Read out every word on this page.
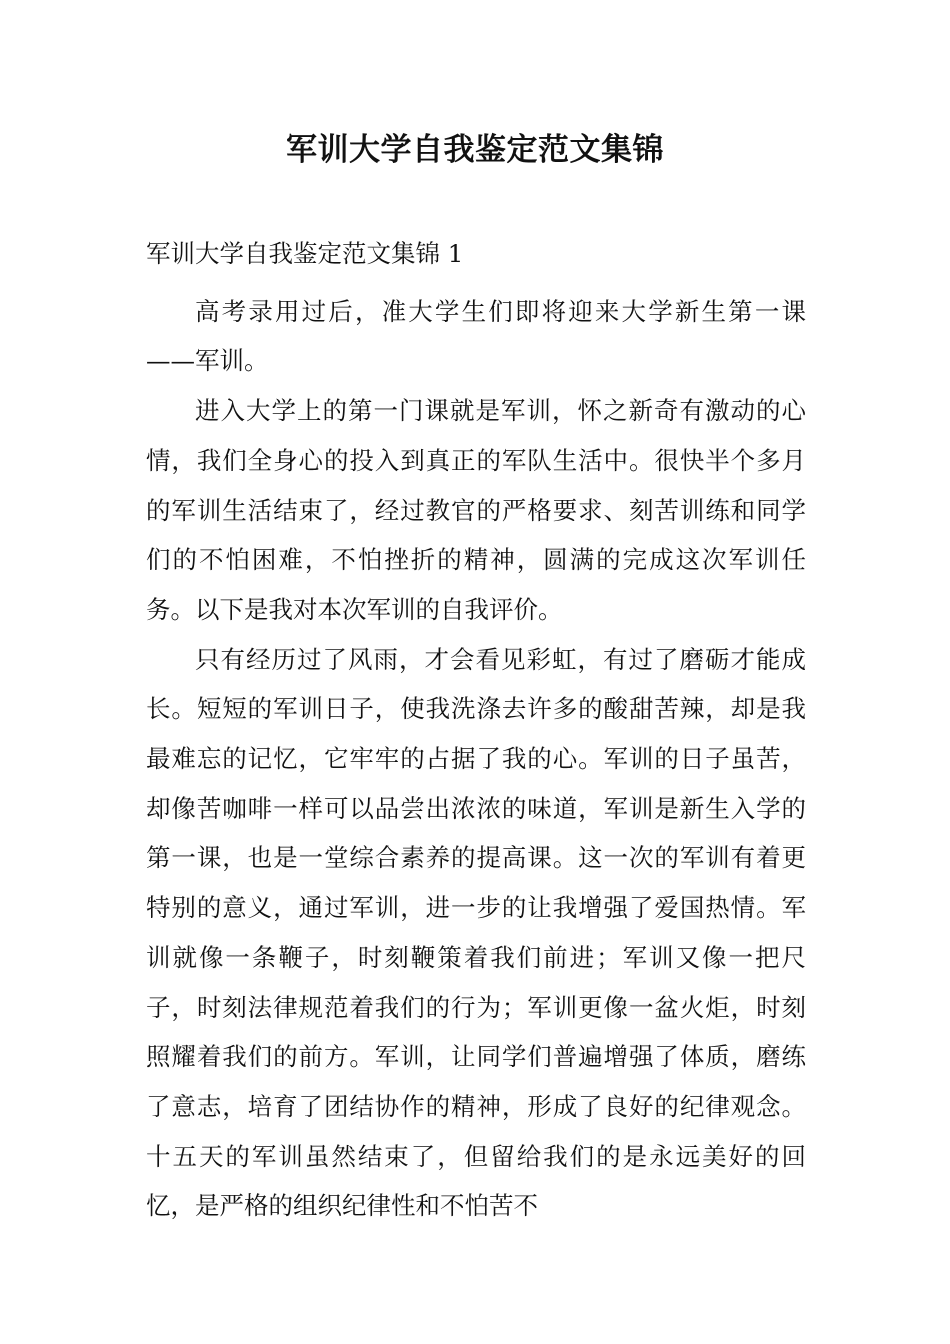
军训大学自我鉴定范文集锦

军训大学自我鉴定范文集锦 1

高考录用过后，准大学生们即将迎来大学新生第一课——军训。

进入大学上的第一门课就是军训，怀之新奇有激动的心情，我们全身心的投入到真正的军队生活中。很快半个多月的军训生活结束了，经过教官的严格要求、刻苦训练和同学们的不怕困难，不怕挫折的精神，圆满的完成这次军训任务。以下是我对本次军训的自我评价。

只有经历过了风雨，才会看见彩虹，有过了磨砺才能成长。短短的军训日子，使我洗涤去许多的酸甜苦辣，却是我最难忘的记忆，它牢牢的占据了我的心。军训的日子虽苦，却像苦咖啡一样可以品尝出浓浓的味道，军训是新生入学的第一课，也是一堂综合素养的提高课。这一次的军训有着更特别的意义，通过军训，进一步的让我增强了爱国热情。军训就像一条鞭子，时刻鞭策着我们前进；军训又像一把尺子，时刻法律规范着我们的行为；军训更像一盆火炬，时刻照耀着我们的前方。军训，让同学们普遍增强了体质，磨练了意志，培育了团结协作的精神，形成了良好的纪律观念。十五天的军训虽然结束了，但留给我们的是永远美好的回忆，是严格的组织纪律性和不怕苦不
